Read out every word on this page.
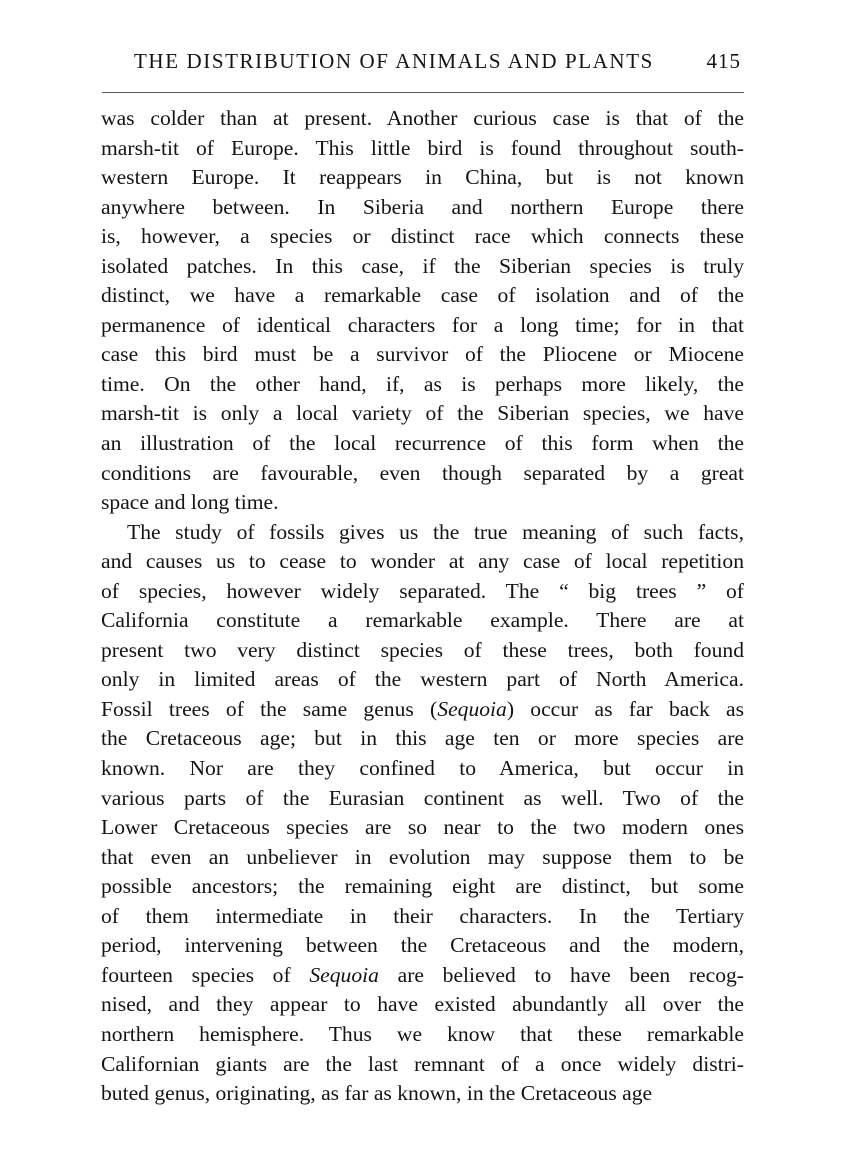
THE DISTRIBUTION OF ANIMALS AND PLANTS	415
was colder than at present. Another curious case is that of the
marsh-tit of Europe. This little bird is found throughout south-
western Europe. It reappears in China, but is not known
anywhere between. In Siberia and northern Europe there
is, however, a species or distinct race which connects these
isolated patches. In this case, if the Siberian species is truly
distinct, we have a remarkable case of isolation and of the
permanence of identical characters for a long time; for in that
case this bird must be a survivor of the Pliocene or Miocene
time. On the other hand, if, as is perhaps more likely, the
marsh-tit is only a local variety of the Siberian species, we have
an illustration of the local recurrence of this form when the
conditions are favourable, even though separated by a great
space and long time.
The study of fossils gives us the true meaning of such facts,
and causes us to cease to wonder at any case of local repetition
of species, however widely separated. The “ big trees ” of
California constitute a remarkable example. There are at
present two very distinct species of these trees, both found
only in limited areas of the western part of North America.
Fossil trees of the same genus (Sequoia) occur as far back as
the Cretaceous age; but in this age ten or more species are
known. Nor are they confined to America, but occur in
various parts of the Eurasian continent as well. Two of the
Lower Cretaceous species are so near to the two modern ones
that even an unbeliever in evolution may suppose them to be
possible ancestors; the remaining eight are distinct, but some
of them intermediate in their characters. In the Tertiary
period, intervening between the Cretaceous and the modern,
fourteen species of Sequoia are believed to have been recog-
nised, and they appear to have existed abundantly all over the
northern hemisphere. Thus we know that these remarkable
Californian giants are the last remnant of a once widely distri-
buted genus, originating, as far as known, in the Cretaceous age
